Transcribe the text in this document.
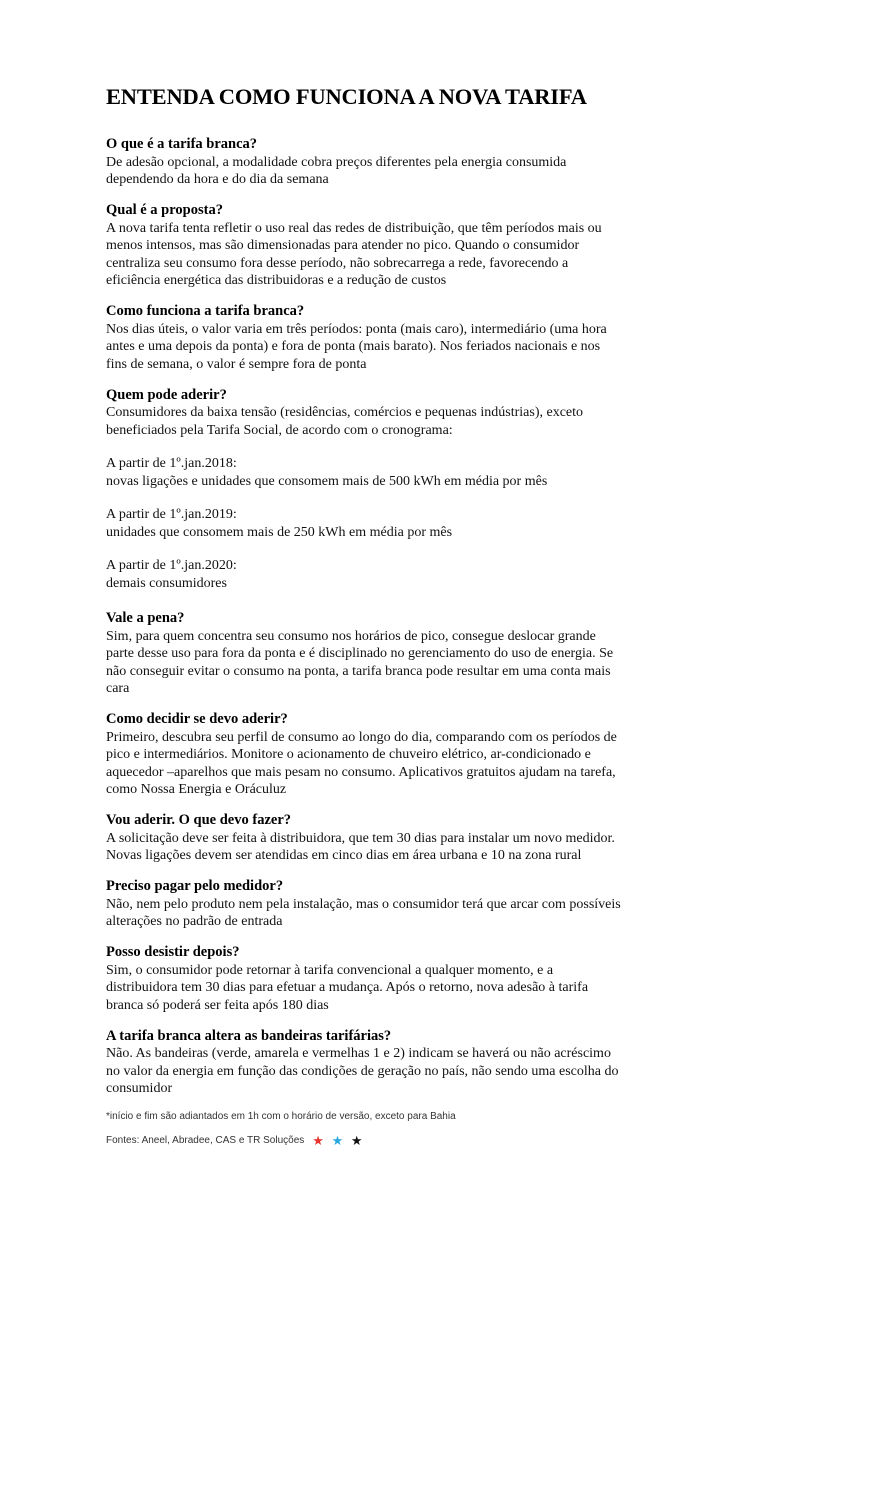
ENTENDA COMO FUNCIONA A NOVA TARIFA

O que é a tarifa branca?

De adesão opcional, a modalidade cobra preços diferentes pela energia consumida dependendo da hora e do dia da semana

Qual é a proposta?

A nova tarifa tenta refletir o uso real das redes de distribuição, que têm períodos mais ou menos intensos, mas são dimensionadas para atender no pico. Quando o consumidor centraliza seu consumo fora desse período, não sobrecarrega a rede, favorecendo a eficiência energética das distribuidoras e a redução de custos

Como funciona a tarifa branca?

Nos dias úteis, o valor varia em três períodos: ponta (mais caro), intermediário (uma hora antes e uma depois da ponta) e fora de ponta (mais barato). Nos feriados nacionais e nos fins de semana, o valor é sempre fora de ponta

Quem pode aderir?

Consumidores da baixa tensão (residências, comércios e pequenas indústrias), exceto beneficiados pela Tarifa Social, de acordo com o cronograma:

A partir de 1º.jan.2018:

novas ligações e unidades que consomem mais de 500 kWh em média por mês

A partir de 1º.jan.2019:

unidades que consomem mais de 250 kWh em média por mês

A partir de 1º.jan.2020:

demais consumidores

Vale a pena?

Sim, para quem concentra seu consumo nos horários de pico, consegue deslocar grande parte desse uso para fora da ponta e é disciplinado no gerenciamento do uso de energia. Se não conseguir evitar o consumo na ponta, a tarifa branca pode resultar em uma conta mais cara

Como decidir se devo aderir?

Primeiro, descubra seu perfil de consumo ao longo do dia, comparando com os períodos de pico e intermediários. Monitore o acionamento de chuveiro elétrico, ar-condicionado e aquecedor –aparelhos que mais pesam no consumo. Aplicativos gratuitos ajudam na tarefa, como Nossa Energia e Oráculuz

Vou aderir. O que devo fazer?

A solicitação deve ser feita à distribuidora, que tem 30 dias para instalar um novo medidor. Novas ligações devem ser atendidas em cinco dias em área urbana e 10 na zona rural

Preciso pagar pelo medidor?

Não, nem pelo produto nem pela instalação, mas o consumidor terá que arcar com possíveis alterações no padrão de entrada

Posso desistir depois?

Sim, o consumidor pode retornar à tarifa convencional a qualquer momento, e a distribuidora tem 30 dias para efetuar a mudança. Após o retorno, nova adesão à tarifa branca só poderá ser feita após 180 dias

A tarifa branca altera as bandeiras tarifárias?

Não. As bandeiras (verde, amarela e vermelhas 1 e 2) indicam se haverá ou não acréscimo no valor da energia em função das condições de geração no país, não sendo uma escolha do consumidor

*início e fim são adiantados em 1h com o horário de versão, exceto para Bahia

Fontes: Aneel, Abradee, CAS e TR Soluções ★ ★ ★
